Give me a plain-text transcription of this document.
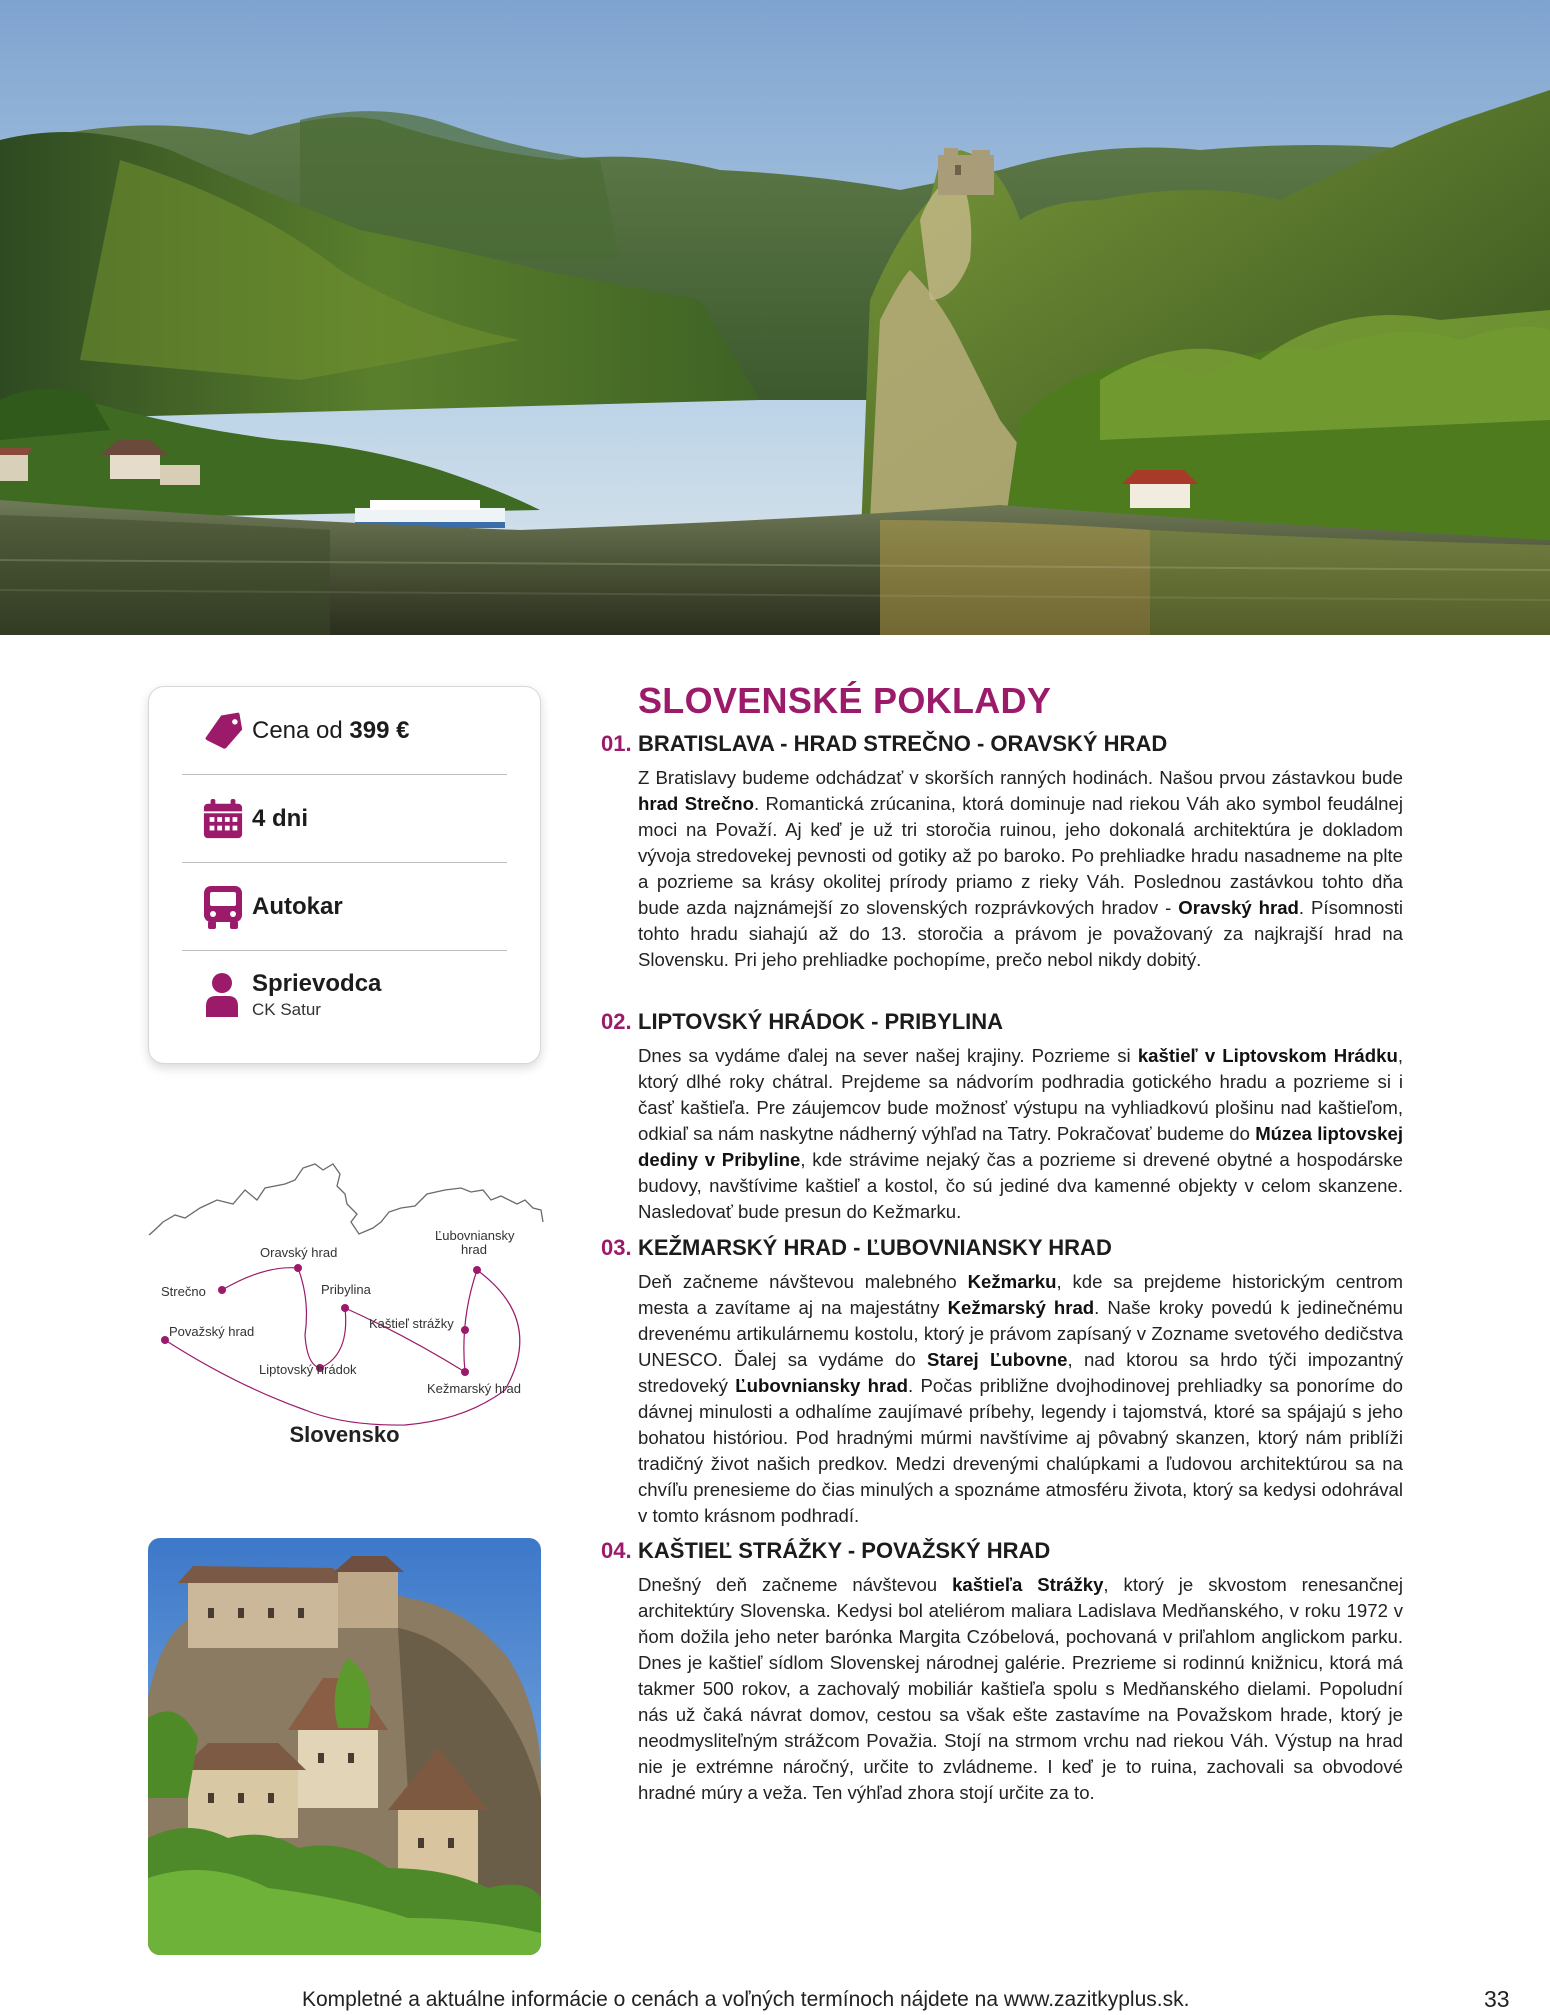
Cena od 399 €
4 dni
Autokar
Sprievodca
CK Satur
Oravský hrad
Ľubovniansky
hrad
Strečno	Pribylina
Považský hrad
Kaštieľ strážky
Liptovský hrádok
Kežmarský hrad
Slovensko
SLOVENSKÉ POKLADY
01. BRATISLAVA - HRAD STREČNO - ORAVSKÝ HRAD
Z Bratislavy budeme odchádzať v skorších ranných hodinách. Našou prvou zástavkou bude hrad Strečno. Romantická zrúcanina, ktorá dominuje nad riekou Váh ako symbol feudálnej moci na Považí. Aj keď je už tri storočia ruinou, jeho dokonalá architektúra je dokladom vývoja stredovekej pevnosti od gotiky až po baroko. Po prehliadke hradu nasadneme na plte a pozrieme sa krásy okolitej prírody priamo z rieky Váh. Poslednou zastávkou tohto dňa bude azda najznámejší zo slovenských rozprávkových hradov - Oravský hrad. Písomnosti tohto hradu siahajú až do 13. storočia a právom je považovaný za najkrajší hrad na Slovensku. Pri jeho prehliadke pochopíme, prečo nebol nikdy dobitý.
02. LIPTOVSKÝ HRÁDOK - PRIBYLINA
Dnes sa vydáme ďalej na sever našej krajiny. Pozrieme si kaštieľ v Liptovskom Hrádku, ktorý dlhé roky chátral. Prejdeme sa nádvorím podhradia gotického hradu a pozrieme si i časť kaštieľa. Pre záujemcov bude možnosť výstupu na vyhliadkovú plošinu nad kaštieľom, odkiaľ sa nám naskytne nádherný výhľad na Tatry. Pokračovať budeme do Múzea liptovskej dediny v Pribyline, kde strávime nejaký čas a pozrieme si drevené obytné a hospodárske budovy, navštívime kaštieľ a kostol, čo sú jediné dva kamenné objekty v celom skanzene. Nasledovať bude presun do Kežmarku.
03. KEŽMARSKÝ HRAD - ĽUBOVNIANSKY HRAD
Deň začneme návštevou malebného Kežmarku, kde sa prejdeme historickým centrom mesta a zavítame aj na majestátny Kežmarský hrad. Naše kroky povedú k jedinečnému drevenému artikulárnemu kostolu, ktorý je právom zapísaný v Zozname svetového dedičstva UNESCO. Ďalej sa vydáme do Starej Ľubovne, nad ktorou sa hrdo týči impozantný stredoveký Ľubovniansky hrad. Počas približne dvojhodinovej prehliadky sa ponoríme do dávnej minulosti a odhalíme zaujímavé príbehy, legendy i tajomstvá, ktoré sa spájajú s jeho bohatou históriou. Pod hradnými múrmi navštívime aj pôvabný skanzen, ktorý nám priblíži tradičný život našich predkov. Medzi drevenými chalúpkami a ľudovou architektúrou sa na chvíľu prenesieme do čias minulých a spoznáme atmosféru života, ktorý sa kedysi odohrával v tomto krásnom podhradí.
04. KAŠTIEĽ STRÁŽKY - POVAŽSKÝ HRAD
Dnešný deň začneme návštevou kaštieľa Strážky, ktorý je skvostom renesančnej architektúry Slovenska. Kedysi bol ateliérom maliara Ladislava Medňanského, v roku 1972 v ňom dožila jeho neter barónka Margita Czóbelová, pochovaná v priľahlom anglickom parku. Dnes je kaštieľ sídlom Slovenskej národnej galérie. Prezrieme si rodinnú knižnicu, ktorá má takmer 500 rokov, a zachovalý mobiliár kaštieľa spolu s Medňanského dielami. Popoludní nás už čaká návrat domov, cestou sa však ešte zastavíme na Považskom hrade, ktorý je neodmysliteľným strážcom Považia. Stojí na strmom vrchu nad riekou Váh. Výstup na hrad nie je extrémne náročný, určite to zvládneme. I keď je to ruina, zachovali sa obvodové hradné múry a veža. Ten výhľad zhora stojí určite za to.
Kompletné a aktuálne informácie o cenách a voľných termínoch nájdete na www.zazitkyplus.sk.	33
